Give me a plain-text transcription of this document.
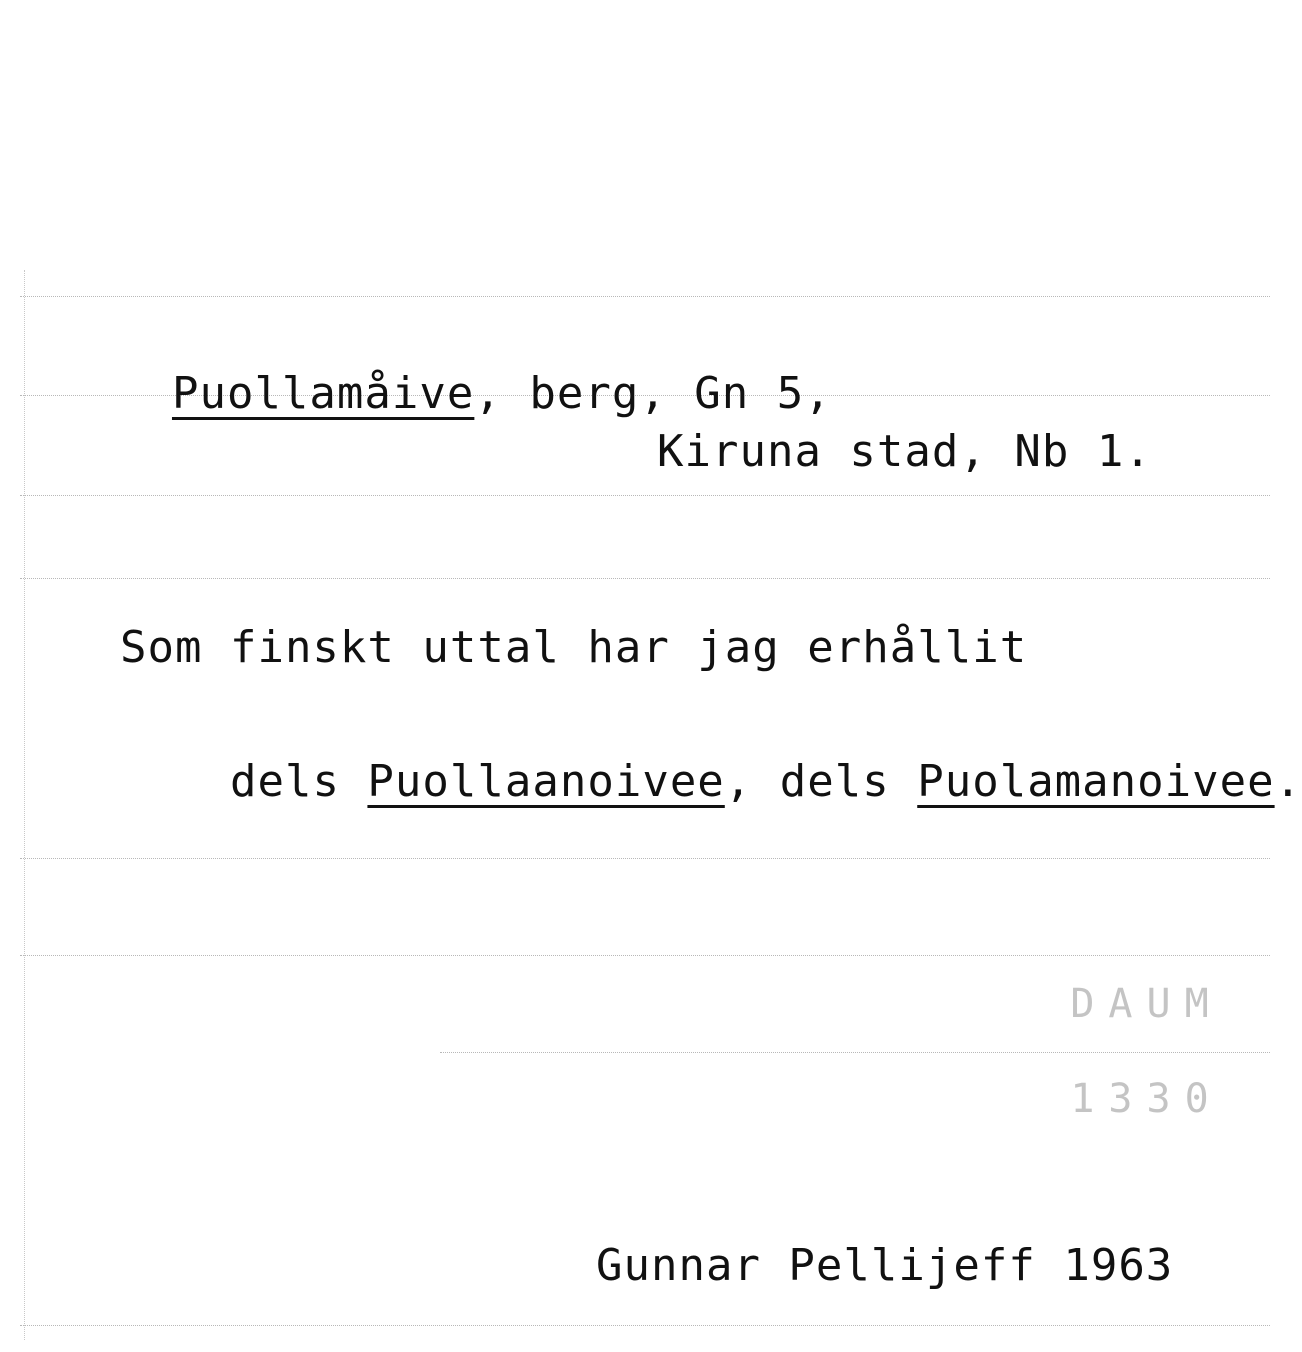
Puollamåive, berg, Gn 5,

Kiruna stad, Nb 1.
Som finskt uttal har jag erhållit

dels Puollaanoivee, dels Puolamanoivee.

DAUM

1330

Gunnar Pellijeff 1963
